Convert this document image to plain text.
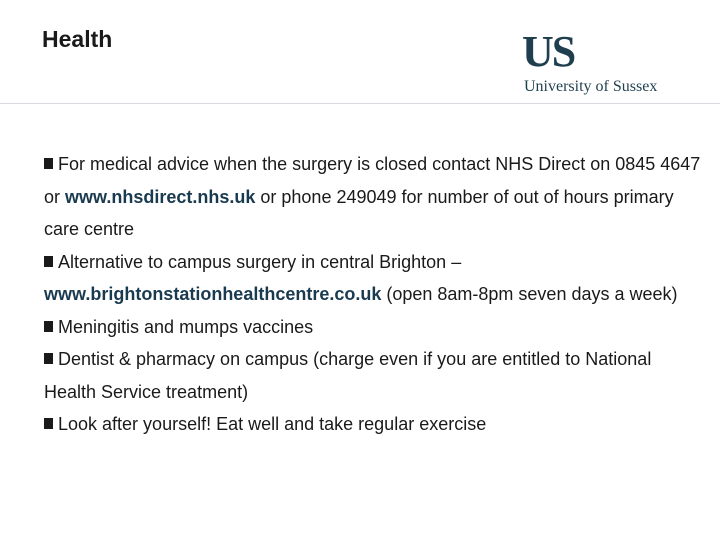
Health	US
University of Sussex

For medical advice when the surgery is closed contact NHS Direct on 0845 4647 or www.nhsdirect.nhs.uk or phone 249049 for number of out of hours primary care centre

Alternative to campus surgery in central Brighton – www.brightonstationhealthcentre.co.uk (open 8am-8pm seven days a week)

Meningitis and mumps vaccines

Dentist & pharmacy on campus (charge even if you are entitled to National Health Service treatment)

Look after yourself! Eat well and take regular exercise
